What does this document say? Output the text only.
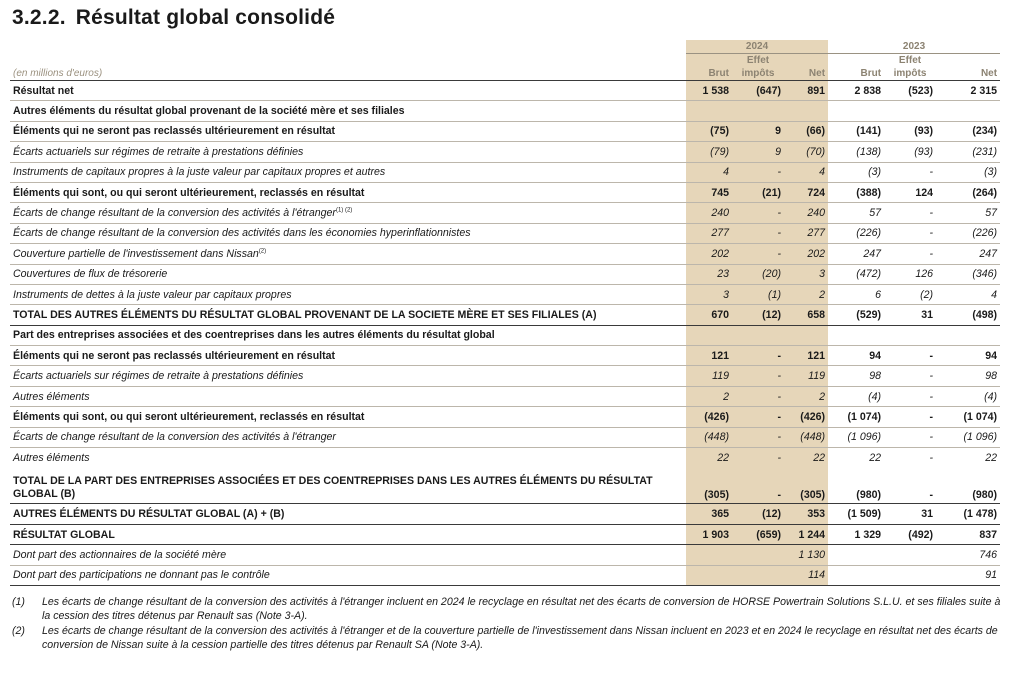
3.2.2. Résultat global consolidé
	2024			2023		
		Effet			Effet	
(en millions d'euros)	Brut	impôts	Net	Brut	impôts	Net
Résultat net	1 538	(647)	891	2 838	(523)	2 315
Autres éléments du résultat global provenant de la société mère et ses filiales						
Éléments qui ne seront pas reclassés ultérieurement en résultat	(75)	9	(66)	(141)	(93)	(234)
Écarts actuariels sur régimes de retraite à prestations définies	(79)	9	(70)	(138)	(93)	(231)
Instruments de capitaux propres à la juste valeur par capitaux propres et autres	4	-	4	(3)	-	(3)
Éléments qui sont, ou qui seront ultérieurement, reclassés en résultat	745	(21)	724	(388)	124	(264)
Écarts de change résultant de la conversion des activités à l'étranger$^{(1) (2)}$	240	-	240	57	-	57
Écarts de change résultant de la conversion des activités dans les économies hyperinflationnistes	277	-	277	(226)	-	(226)
Couverture partielle de l'investissement dans Nissan$^{(2)}$	202	-	202	247	-	247
Couvertures de flux de trésorerie	23	(20)	3	(472)	126	(346)
Instruments de dettes à la juste valeur par capitaux propres	3	(1)	2	6	(2)	4
TOTAL DES AUTRES ÉLÉMENTS DU RÉSULTAT GLOBAL PROVENANT DE LA SOCIETE MÈRE ET SES FILIALES (A)	670	(12)	658	(529)	31	(498)
Part des entreprises associées et des coentreprises dans les autres éléments du résultat global						
Éléments qui ne seront pas reclassés ultérieurement en résultat	121	-	121	94	-	94
Écarts actuariels sur régimes de retraite à prestations définies	119	-	119	98	-	98
Autres éléments	2	-	2	(4)	-	(4)
Éléments qui sont, ou qui seront ultérieurement, reclassés en résultat	(426)	-	(426)	(1 074)	-	(1 074)
Écarts de change résultant de la conversion des activités à l'étranger	(448)	-	(448)	(1 096)	-	(1 096)
Autres éléments	22	-	22	22	-	22
TOTAL DE LA PART DES ENTREPRISES ASSOCIÉES ET DES COENTREPRISES DANS LES AUTRES ÉLÉMENTS DU RÉSULTAT GLOBAL (B)	(305)	-	(305)	(980)	-	(980)
AUTRES ÉLÉMENTS DU RÉSULTAT GLOBAL (A) + (B)	365	(12)	353	(1 509)	31	(1 478)
RÉSULTAT GLOBAL	1 903	(659)	1 244	1 329	(492)	837
Dont part des actionnaires de la société mère			1 130			746
Dont part des participations ne donnant pas le contrôle			114			91
(1)	Les écarts de change résultant de la conversion des activités à l'étranger incluent en 2024 le recyclage en résultat net des écarts de conversion de HORSE Powertrain Solutions S.L.U. et ses filiales suite à la cession des titres détenus par Renault sas (Note 3-A).
(2)	Les écarts de change résultant de la conversion des activités à l'étranger et de la couverture partielle de l'investissement dans Nissan incluent en 2023 et en 2024 le recyclage en résultat net des écarts de conversion de Nissan suite à la cession partielle des titres détenus par Renault SA (Note 3-A).
